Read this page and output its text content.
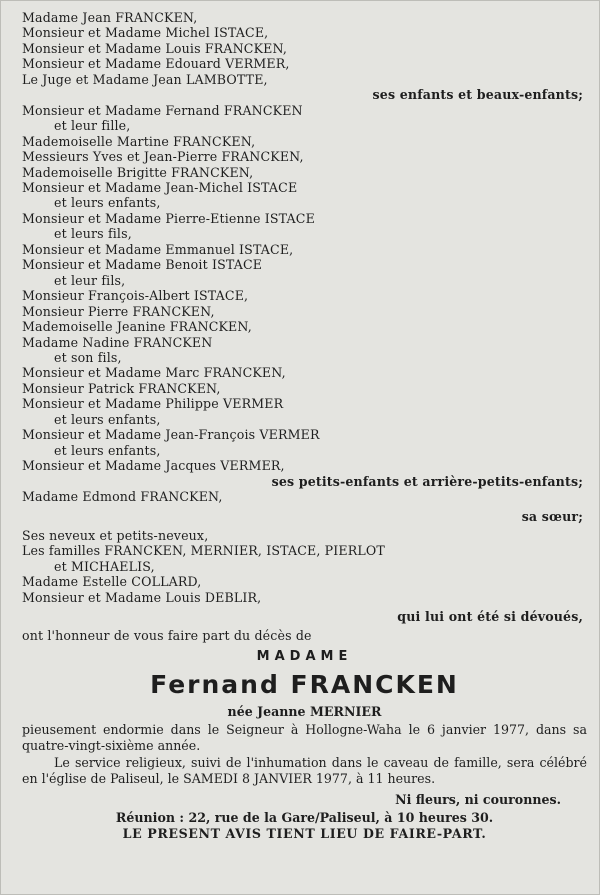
Madame Jean FRANCKEN,
Monsieur et Madame Michel ISTACE,
Monsieur et Madame Louis FRANCKEN,
Monsieur et Madame Edouard VERMER,
Le Juge et Madame Jean LAMBOTTE,
ses enfants et beaux-enfants;
Monsieur et Madame Fernand FRANCKEN
et leur fille,
Mademoiselle Martine FRANCKEN,
Messieurs Yves et Jean-Pierre FRANCKEN,
Mademoiselle Brigitte FRANCKEN,
Monsieur et Madame Jean-Michel ISTACE
et leurs enfants,
Monsieur et Madame Pierre-Etienne ISTACE
et leurs fils,
Monsieur et Madame Emmanuel ISTACE,
Monsieur et Madame Benoit ISTACE
et leur fils,
Monsieur François-Albert ISTACE,
Monsieur Pierre FRANCKEN,
Mademoiselle Jeanine FRANCKEN,
Madame Nadine FRANCKEN
et son fils,
Monsieur et Madame Marc FRANCKEN,
Monsieur Patrick FRANCKEN,
Monsieur et Madame Philippe VERMER
et leurs enfants,
Monsieur et Madame Jean-François VERMER
et leurs enfants,
Monsieur et Madame Jacques VERMER,
ses petits-enfants et arrière-petits-enfants;
Madame Edmond FRANCKEN,
sa sœur;
Ses neveux et petits-neveux,
Les familles FRANCKEN, MERNIER, ISTACE, PIERLOT
et MICHAELIS,
Madame Estelle COLLARD,
Monsieur et Madame Louis DEBLIR,
qui lui ont été si dévoués,
ont l'honneur de vous faire part du décès de
MADAME
Fernand FRANCKEN
née Jeanne MERNIER
pieusement endormie dans le Seigneur à Hollogne-Waha le 6 janvier 1977, dans sa quatre-vingt-sixième année.
Le service religieux, suivi de l'inhumation dans le caveau de famille, sera célébré en l'église de Paliseul, le SAMEDI 8 JANVIER 1977, à 11 heures.
Ni fleurs, ni couronnes.
Réunion : 22, rue de la Gare/Paliseul, à 10 heures 30.
LE PRESENT AVIS TIENT LIEU DE FAIRE-PART.
